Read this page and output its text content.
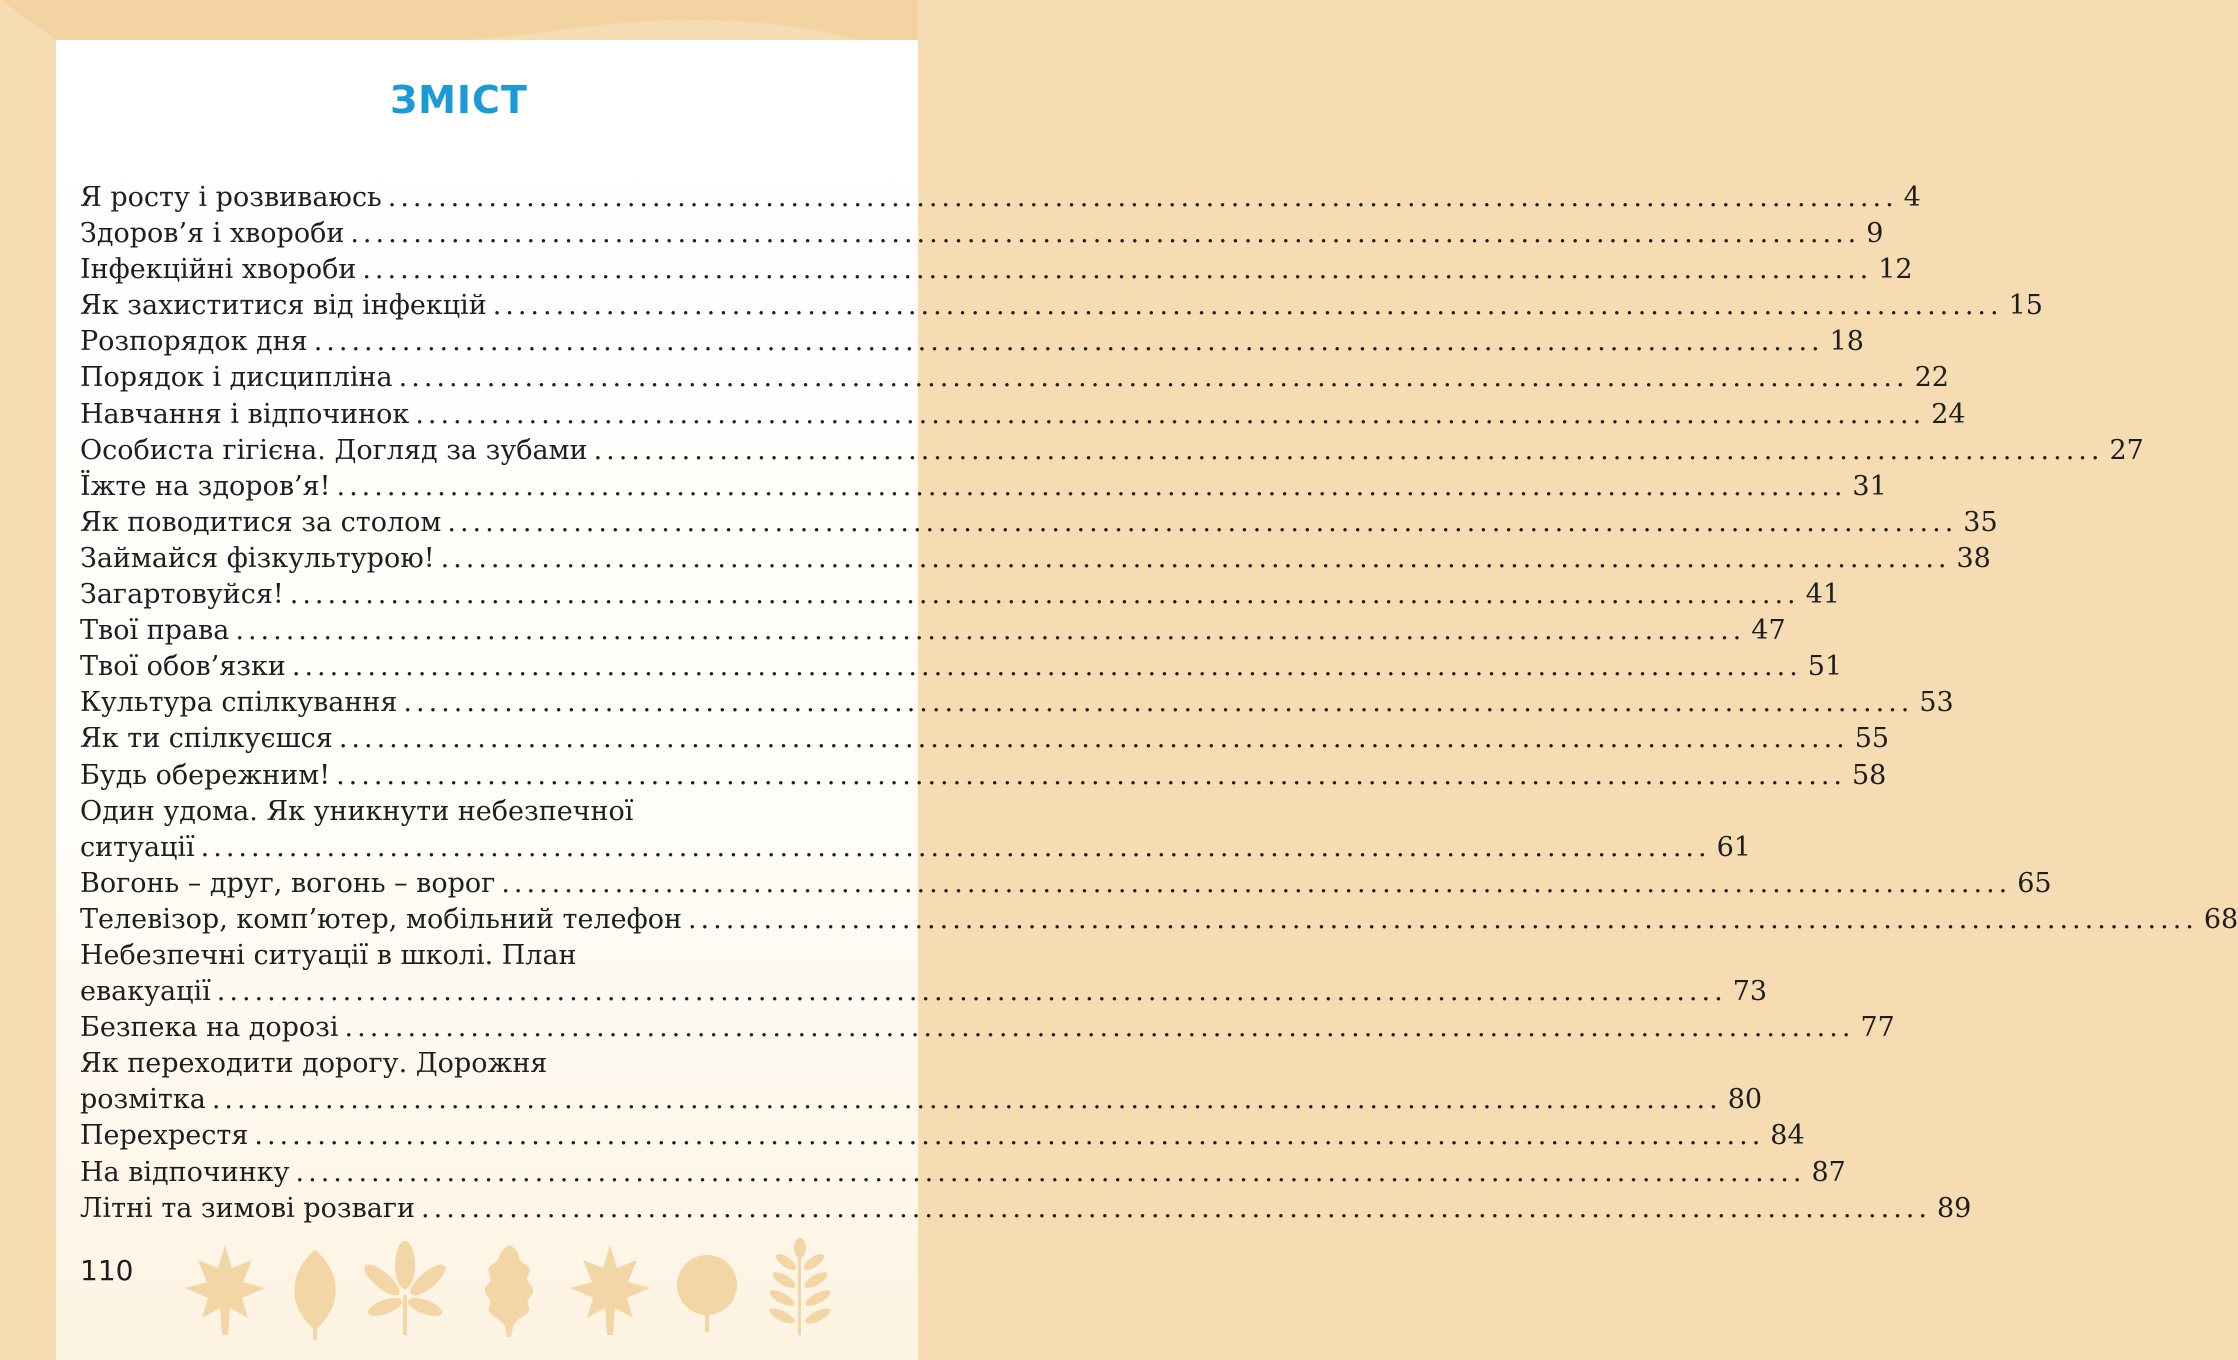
ЗМІСТ
Я росту і розвиваюсь ........................................................................................................................ 4
Здоров’я і хвороби ........................................................................................................................ 9
Інфекційні хвороби ........................................................................................................................ 12
Як захиститися від інфекцій ........................................................................................................................ 15
Розпорядок дня ........................................................................................................................ 18
Порядок і дисципліна ........................................................................................................................ 22
Навчання і відпочинок ........................................................................................................................ 24
Особиста гігієна. Догляд за зубами ........................................................................................................................ 27
Їжте на здоров’я! ........................................................................................................................ 31
Як поводитися за столом ........................................................................................................................ 35
Займайся фізкультурою! ........................................................................................................................ 38
Загартовуйся! ........................................................................................................................ 41
Твої права ........................................................................................................................ 47
Твої обов’язки ........................................................................................................................ 51
Культура спілкування ........................................................................................................................ 53
Як ти спілкуєшся ........................................................................................................................ 55
Будь обережним! ........................................................................................................................ 58
Один удома. Як уникнути небезпечної
ситуації ........................................................................................................................ 61
Вогонь – друг, вогонь – ворог ........................................................................................................................ 65
Телевізор, комп’ютер, мобільний телефон ........................................................................................................................ 68
Небезпечні ситуації в школі. План
евакуації ........................................................................................................................ 73
Безпека на дорозі ........................................................................................................................ 77
Як переходити дорогу. Дорожня
розмітка ........................................................................................................................ 80
Перехрестя ........................................................................................................................ 84
На відпочинку ........................................................................................................................ 87
Літні та зимові розваги ........................................................................................................................ 89
110
